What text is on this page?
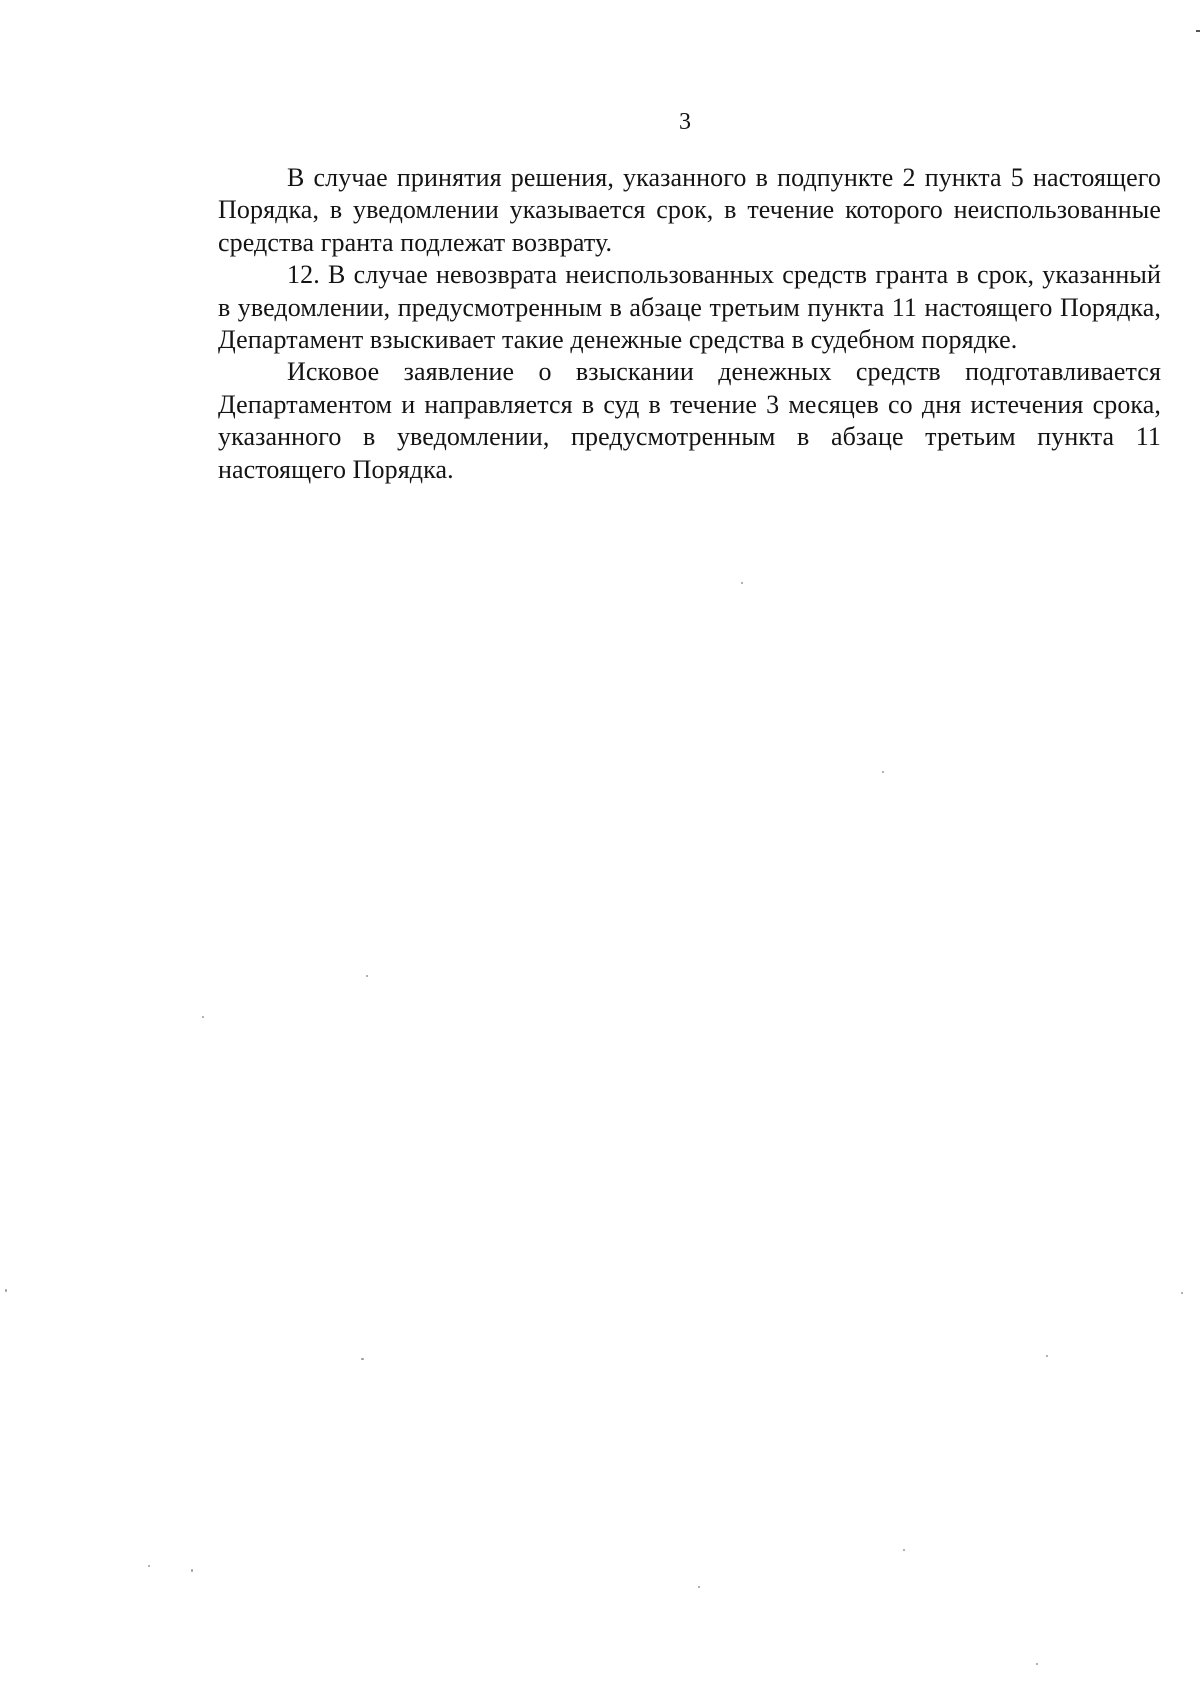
3

В случае принятия решения, указанного в подпункте 2 пункта 5 настоящего Порядка, в уведомлении указывается срок, в течение которого неиспользованные средства гранта подлежат возврату.

12. В случае невозврата неиспользованных средств гранта в срок, указанный в уведомлении, предусмотренным в абзаце третьим пункта 11 настоящего Порядка, Департамент взыскивает такие денежные средства в судебном порядке.

Исковое заявление о взыскании денежных средств подготавливается Департаментом и направляется в суд в течение 3 месяцев со дня истечения срока, указанного в уведомлении, предусмотренным в абзаце третьим пункта 11 настоящего Порядка.
